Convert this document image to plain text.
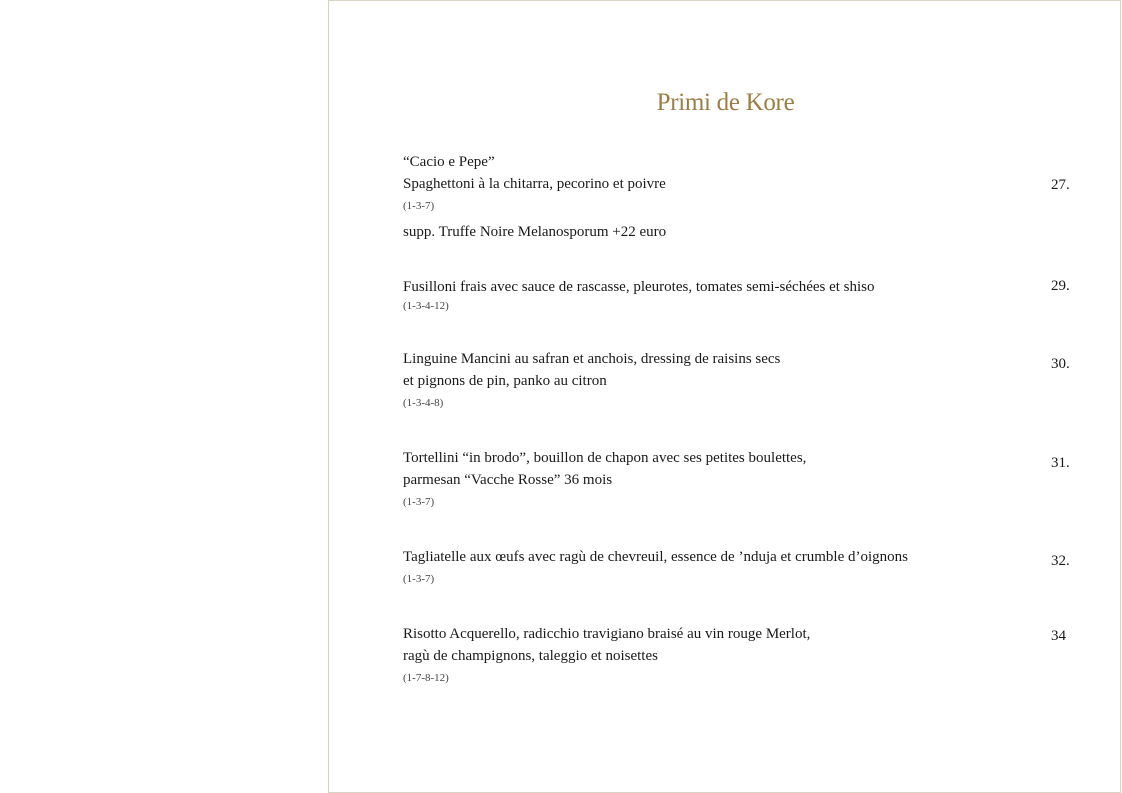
Primi de Kore
“Cacio e Pepe”
Spaghettoni à la chitarra, pecorino et poivre
(1-3-7)
supp. Truffe Noire Melanosporum +22 euro
27.
Fusilloni frais avec sauce de rascasse, pleurotes, tomates semi-séchées et shiso
(1-3-4-12)
29.
Linguine Mancini au safran et anchois, dressing de raisins secs
et pignons de pin, panko au citron
(1-3-4-8)
30.
Tortellini “in brodo”, bouillon de chapon avec ses petites boulettes,
parmesan “Vacche Rosse” 36 mois
(1-3-7)
31.
Tagliatelle aux œufs avec ragù de chevreuil, essence de ’nduja et crumble d’oignons
(1-3-7)
32.
Risotto Acquerello, radicchio travigiano braisé au vin rouge Merlot,
ragù de champignons, taleggio et noisettes
(1-7-8-12)
34
